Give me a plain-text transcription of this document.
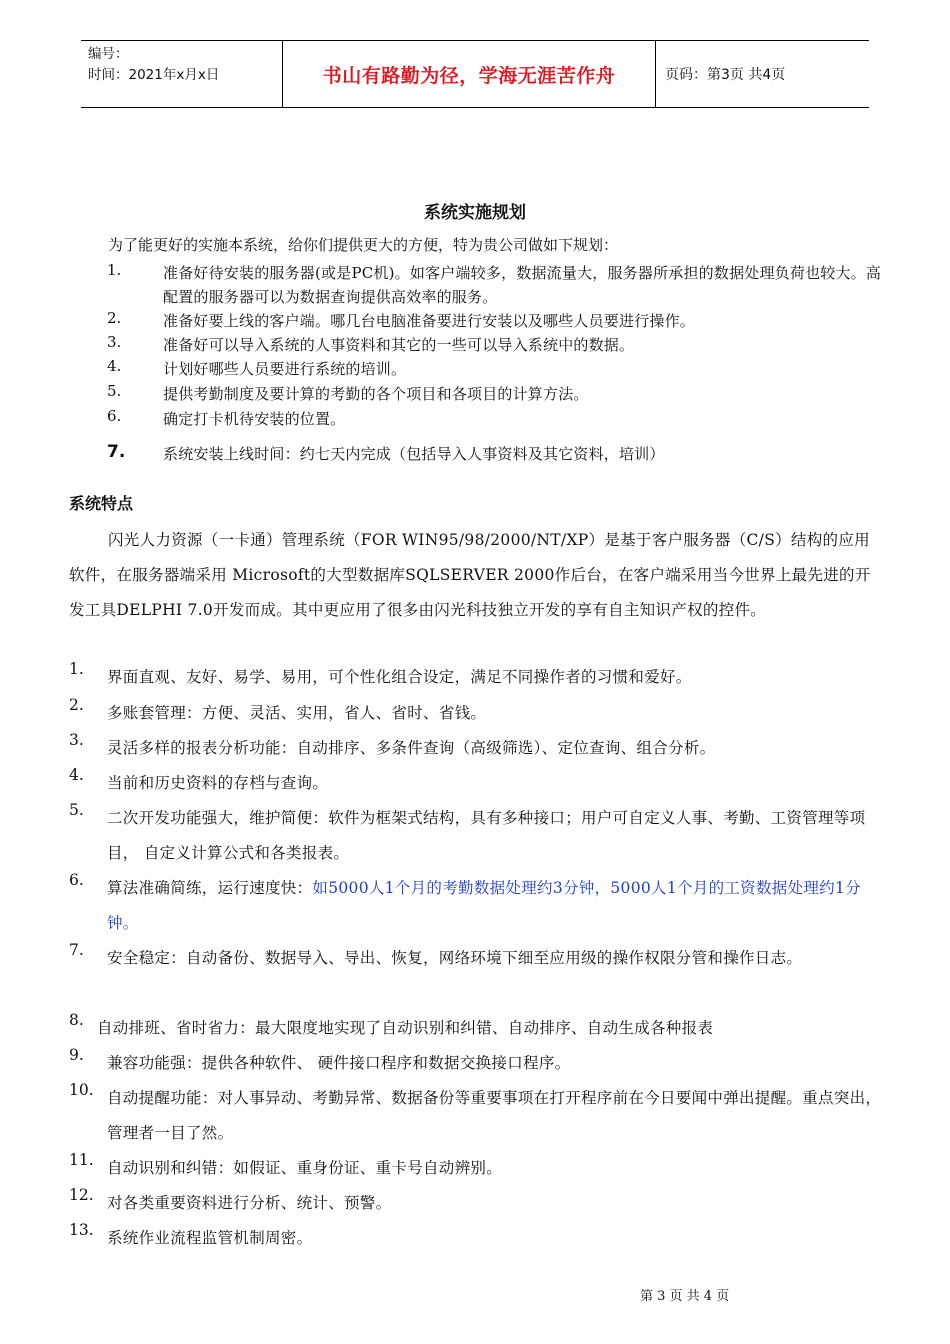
编号：
时间：2021年x月x日	书山有路勤为径，学海无涯苦作舟	页码：第3页 共4页
系统实施规划
为了能更好的实施本系统，给你们提供更大的方便，特为贵公司做如下规划：
1.	准备好待安装的服务器(或是PC机)。如客户端较多，数据流量大，服务器所承担的数据处理负荷也较大。高配置的服务器可以为数据查询提供高效率的服务。
2.	准备好要上线的客户端。哪几台电脑准备要进行安装以及哪些人员要进行操作。
3.	准备好可以导入系统的人事资料和其它的一些可以导入系统中的数据。
4.	计划好哪些人员要进行系统的培训。
5.	提供考勤制度及要计算的考勤的各个项目和各项目的计算方法。
6.	确定打卡机待安装的位置。
7.	系统安装上线时间：约七天内完成（包括导入人事资料及其它资料，培训）
系统特点
闪光人力资源（一卡通）管理系统（FOR WIN95/98/2000/NT/XP）是基于客户服务器（C/S）结构的应用软件，在服务器端采用 Microsoft的大型数据库SQLSERVER 2000作后台，在客户端采用当今世界上最先进的开发工具DELPHI 7.0开发而成。其中更应用了很多由闪光科技独立开发的享有自主知识产权的控件。
1. 界面直观、友好、易学、易用，可个性化组合设定，满足不同操作者的习惯和爱好。
2. 多账套管理：方便、灵活、实用，省人、省时、省钱。
3. 灵活多样的报表分析功能：自动排序、多条件查询（高级筛选）、定位查询、组合分析。
4. 当前和历史资料的存档与查询。
5. 二次开发功能强大，维护简便：软件为框架式结构，具有多种接口；用户可自定义人事、考勤、工资管理等项目， 自定义计算公式和各类报表。
6. 算法准确简练，运行速度快：如5000人1个月的考勤数据处理约3分钟，5000人1个月的工资数据处理约1分钟。
7. 安全稳定：自动备份、数据导入、导出、恢复，网络环境下细至应用级的操作权限分管和操作日志。
8. 自动排班、省时省力：最大限度地实现了自动识别和纠错、自动排序、自动生成各种报表
9. 兼容功能强：提供各种软件、 硬件接口程序和数据交换接口程序。
10. 自动提醒功能：对人事异动、考勤异常、数据备份等重要事项在打开程序前在今日要闻中弹出提醒。重点突出，管理者一目了然。
11. 自动识别和纠错：如假证、重身份证、重卡号自动辨别。
12. 对各类重要资料进行分析、统计、预警。
13. 系统作业流程监管机制周密。
第 3 页 共 4 页
